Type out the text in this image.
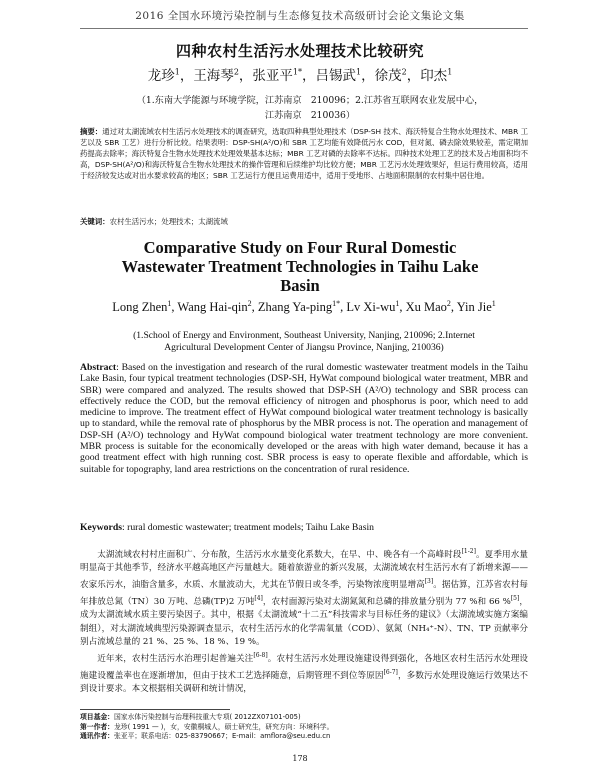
2016 全国水环境污染控制与生态修复技术高级研讨会论文集论文集
四种农村生活污水处理技术比较研究
龙珍$^1$，王海琴$^2$，张亚平$^{1*}$，吕锡武$^1$，徐茂$^2$，印杰$^1$
（1.东南大学能源与环境学院，江苏南京　210096；2.江苏省互联网农业发展中心，
江苏南京　210036）
摘要：通过对太湖流域农村生活污水处理技术的调查研究，选取四种典型处理技术（DSP-SH 技术、海沃特复合生物水处理技术、MBR 工艺以及 SBR 工艺）进行分析比较。结果表明：DSP-SH(A²/O)和 SBR 工艺均能有效降低污水 COD，但对氮、磷去除效果较差，需定期加药提高去除率；海沃特复合生物水处理技术处理效果基本达标；MBR 工艺对磷的去除率不达标。四种技术处理工艺的技术及占地面积均不高，DSP-SH(A²/O)和海沃特复合生物水处理技术的操作管理和后续维护均比较方便；MBR 工艺污水处理效果好，但运行费用较高，适用于经济较发达或对出水要求较高的地区；SBR 工艺运行方便且运费用适中，适用于受地形、占地面积限制的农村集中居住地。
关键词：农村生活污水；处理技术；太湖流域
Comparative Study on Four Rural Domestic
Wastewater Treatment Technologies in Taihu Lake
Basin
Long Zhen$^1$, Wang Hai-qin$^2$, Zhang Ya-ping$^{1*}$, Lv $Xi-wu^1$, Xu Mao$^2$, Yin Jie$^1$
(1.School of Energy and Environment, Southeast University, Nanjing, 210096; 2.Internet
Agricultural Development Center of Jiangsu Province, Nanjing, 210036)
Abstract: Based on the investigation and research of the rural domestic wastewater treatment models in the Taihu Lake Basin, four typical treatment technologies (DSP-SH, HyWat compound biological water treatment, MBR and SBR) were compared and analyzed. The results showed that DSP-SH (A²/O) technology and SBR process can effectively reduce the COD, but the removal efficiency of nitrogen and phosphorus is poor, which need to add medicine to improve. The treatment effect of HyWat compound biological water treatment technology is basically up to standard, while the removal rate of phosphorus by the MBR process is not. The operation and management of DSP-SH (A²/O) technology and HyWat compound biological water treatment technology are more convenient. MBR process is suitable for the economically developed or the areas with high water demand, because it has a good treatment effect with high running cost. SBR process is easy to operate flexible and affordable, which is suitable for topography, land area restrictions on the concentration of rural residence.
Keywords: rural domestic wastewater; treatment models; Taihu Lake Basin

太湖流域农村村庄面积广、分布散，生活污水水量变化系数大，在早、中、晚各有一个高峰时段[1-2]。夏季用水量明显高于其他季节，经济水平越高地区产污量越大。随着旅游业的新兴发展，太湖流域农村生活污水有了新增来源——农家乐污水，油脂含量多，水质、水量波动大，尤其在节假日或冬季，污染物浓度明显增高[3]。据估算，江苏省农村每年排放总氮（TN）30 万吨、总磷(TP)2 万吨[4]，农村面源污染对太湖氮氮和总磷的排放量分别为 77 %和 66 %[5]，成为太湖流域水质主要污染因子。其中，根据《太湖流域“十二五”科技需求与目标任务的建议》（太湖流域实施方案编制组），对太湖流域典型污染源调查显示，农村生活污水的化学需氧量（COD）、氨氮（NH₄⁺-N）、TN、TP 贡献率分别占流域总量的 21 %、25 %、18 %、19 %。

近年来，农村生活污水治理引起普遍关注[6-8]。农村生活污水处理设施建设得到强化，各地区农村生活污水处理设施建设覆盖率也在逐渐增加，但由于技术工艺选择随意，后期管理不到位等原因[6-7]，多数污水处理设施运行效果达不到设计要求。本文根据相关调研和统计情况，

项目基金：国家水体污染控制与治理科技重大专项( 2012ZX07101-005)
第一作者：龙珍( 1991 — )，女，安徽桐城人，硕士研究生，研究方向：环境科学。
通讯作者：张亚平；联系电话：025-83790667；E-mail：amflora@seu.edu.cn
178
